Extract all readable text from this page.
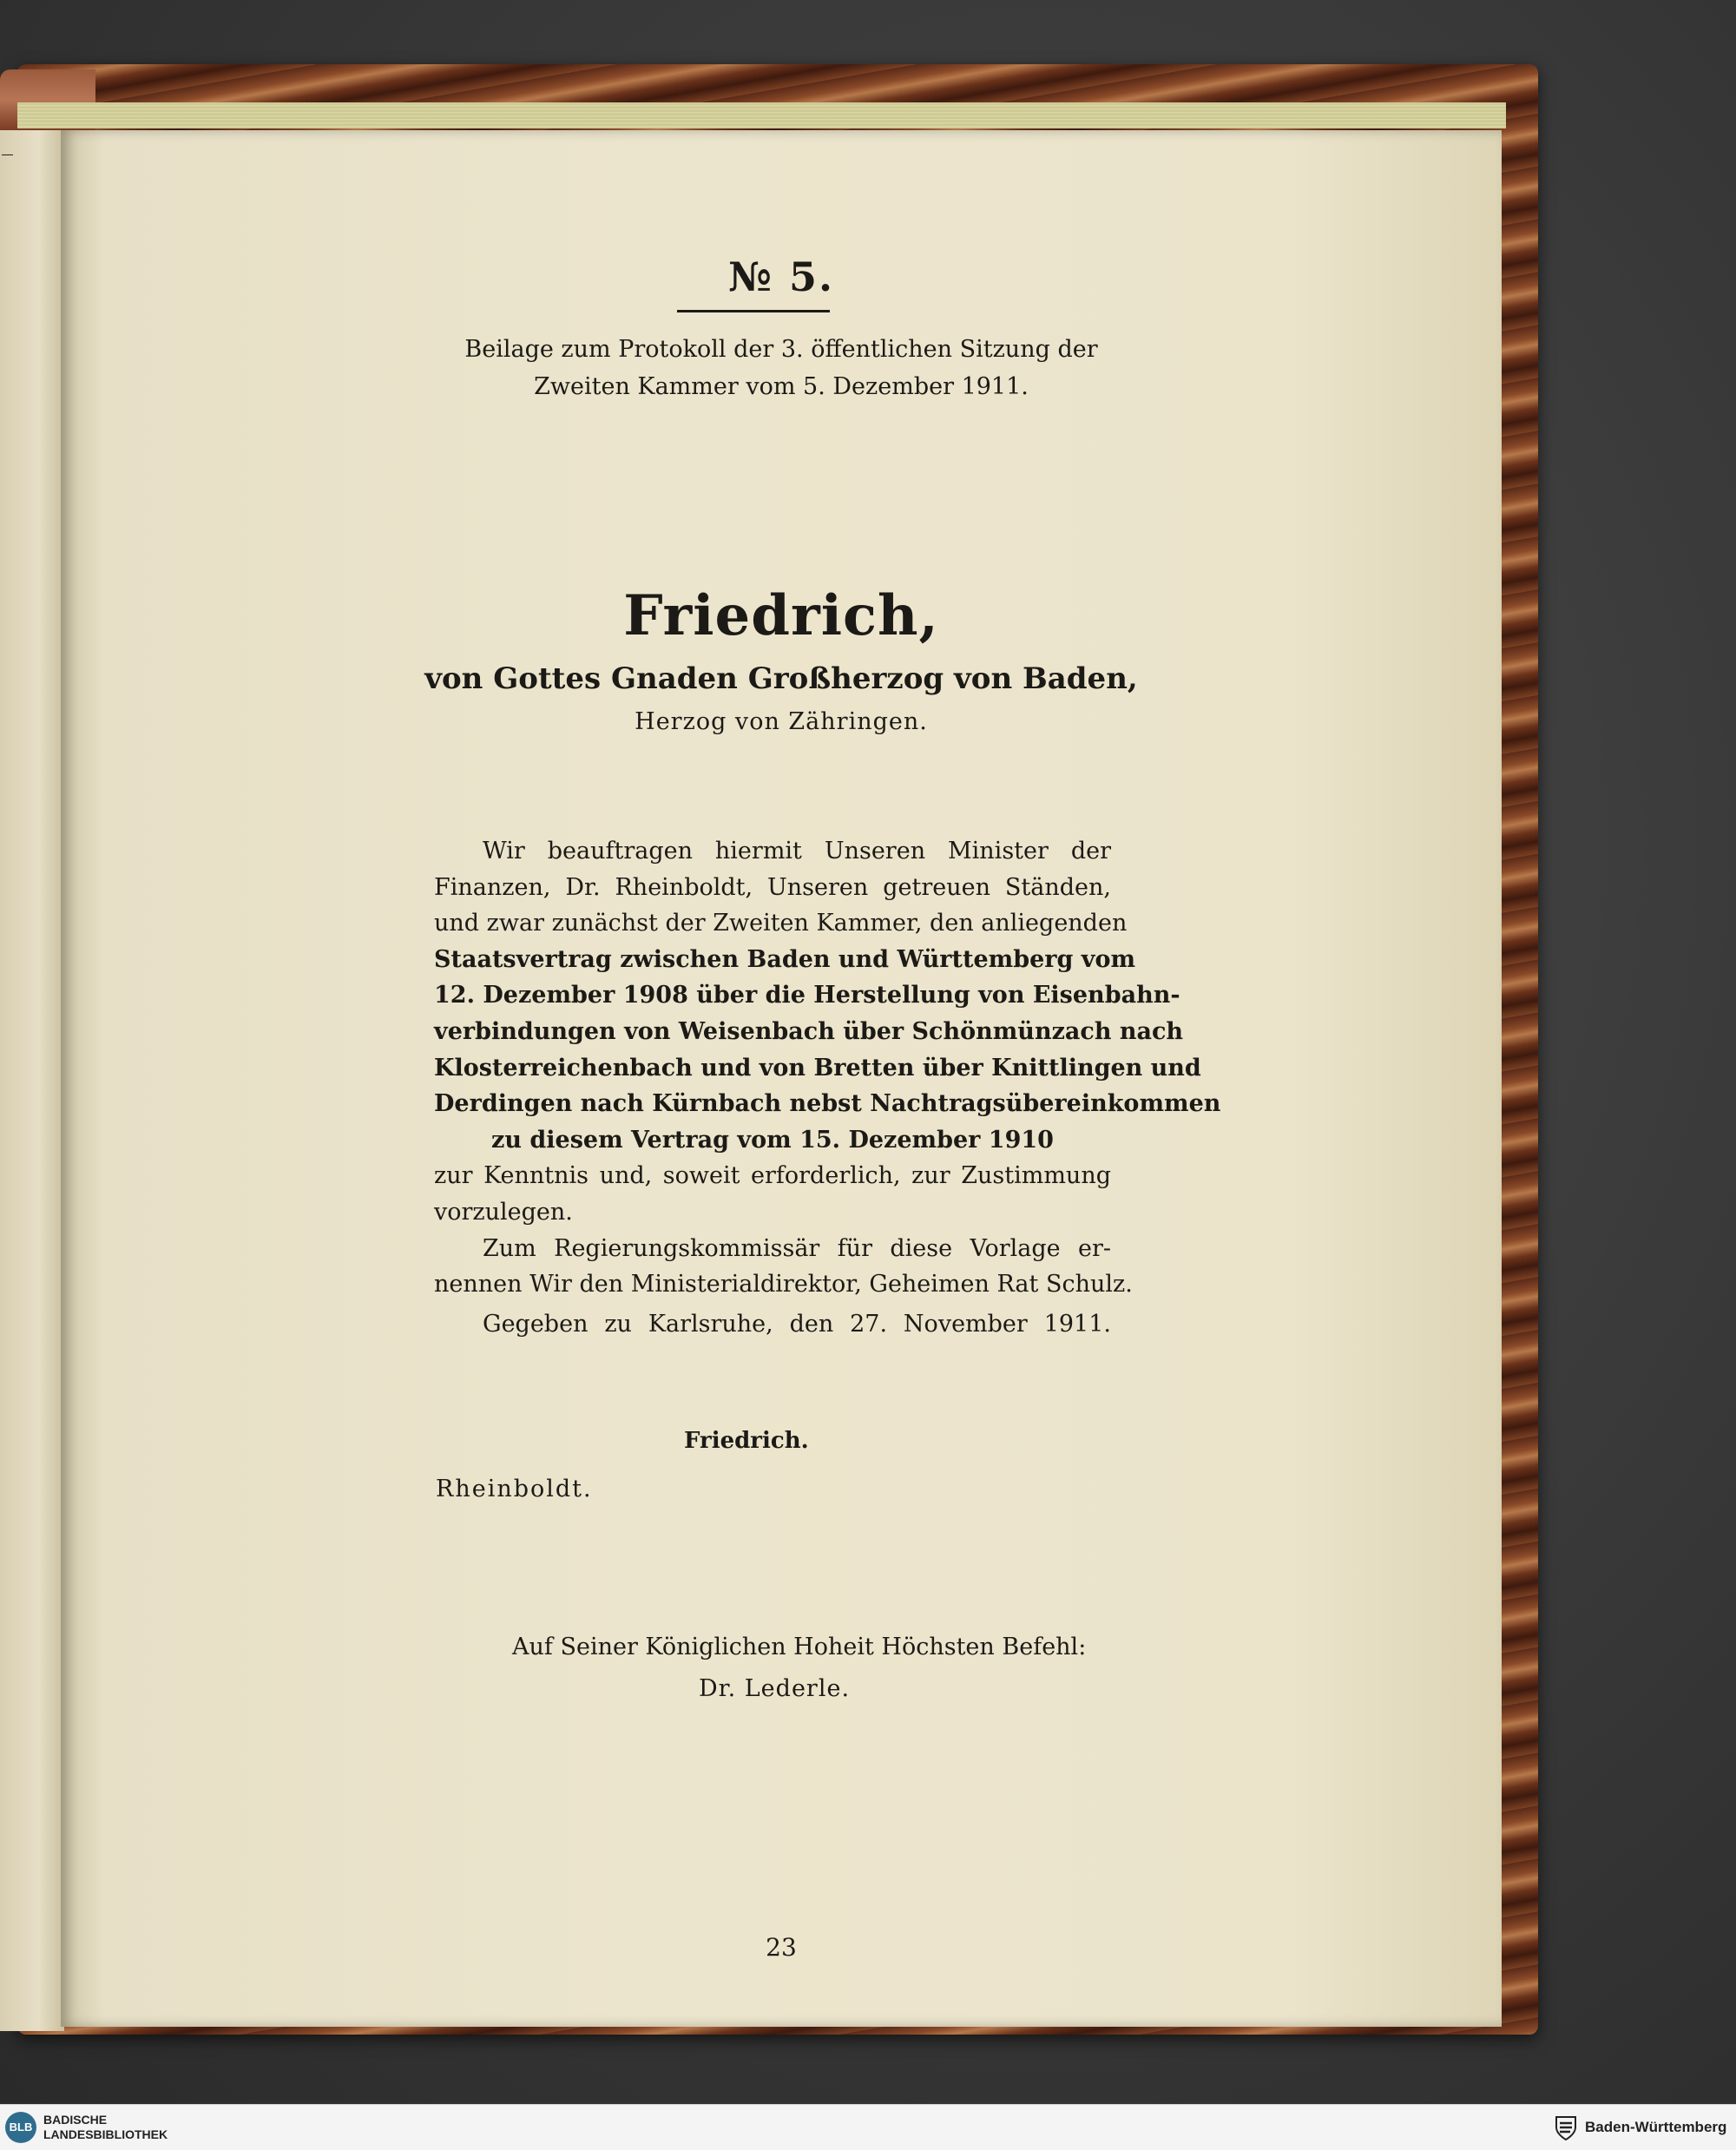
_
№ 5.
Beilage zum Protokoll der 3. öffentlichen Sitzung der
Zweiten Kammer vom 5. Dezember 1911.
Friedrich,
von Gottes Gnaden Großherzog von Baden,
Herzog von Zähringen.
Wir beauftragen hiermit Unseren Minister der
Finanzen, Dr. Rheinboldt, Unseren getreuen Ständen,
und zwar zunächst der Zweiten Kammer, den anliegenden
Staatsvertrag zwischen Baden und Württemberg vom
12. Dezember 1908 über die Herstellung von Eisenbahn-
verbindungen von Weisenbach über Schönmünzach nach
Klosterreichenbach und von Bretten über Knittlingen und
Derdingen nach Kürnbach nebst Nachtragsübereinkommen
zu diesem Vertrag vom 15. Dezember 1910
zur Kenntnis und, soweit erforderlich, zur Zustimmung
vorzulegen.
Zum Regierungskommissär für diese Vorlage er-
nennen Wir den Ministerialdirektor, Geheimen Rat Schulz.
Gegeben zu Karlsruhe, den 27. November 1911.
Friedrich.
Rheinboldt.
Auf Seiner Königlichen Hoheit Höchsten Befehl:
Dr. Lederle.
23
BLB
BADISCHE
LANDESBIBLIOTHEK	Baden-Württemberg
